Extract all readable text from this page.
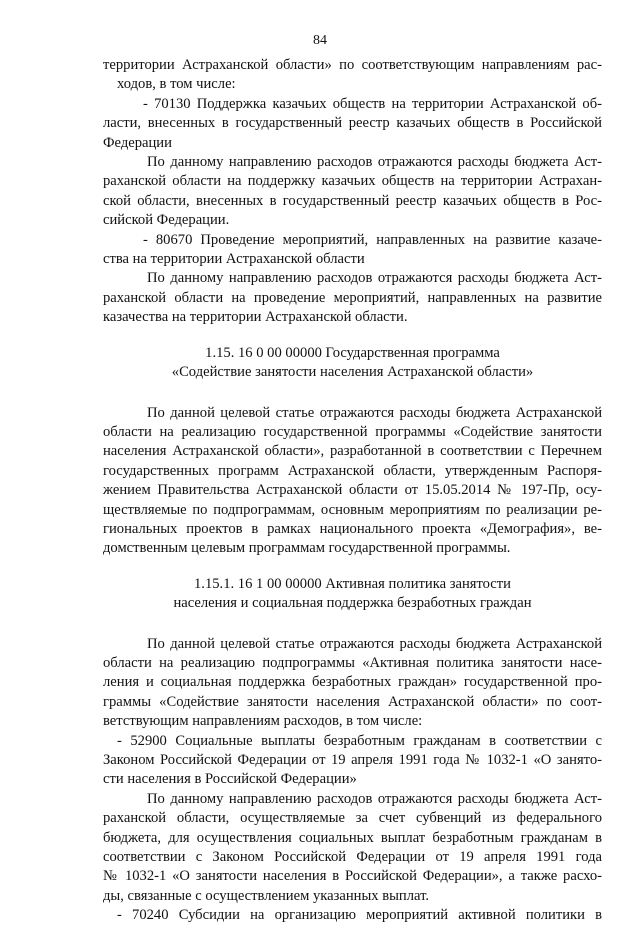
84
территории Астраханской области» по соответствующим направлениям рас-
ходов, в том числе:
- 70130 Поддержка казачьих обществ на территории Астраханской об-
ласти, внесенных в государственный реестр казачьих обществ в Российской
Федерации
По данному направлению расходов отражаются расходы бюджета Аст-
раханской области на поддержку казачьих обществ на территории Астрахан-
ской области, внесенных в государственный реестр казачьих обществ в Рос-
сийской Федерации.
- 80670 Проведение мероприятий, направленных на развитие казаче-
ства на территории Астраханской области
По данному направлению расходов отражаются расходы бюджета Аст-
раханской области на проведение мероприятий, направленных на развитие
казачества на территории Астраханской области.
1.15. 16 0 00 00000 Государственная программа
«Содействие занятости населения Астраханской области»
По данной целевой статье отражаются расходы бюджета Астраханской
области на реализацию государственной программы «Содействие занятости
населения Астраханской области», разработанной в соответствии с Перечнем
государственных программ Астраханской области, утвержденным Распоря-
жением Правительства Астраханской области от 15.05.2014 № 197-Пр, осу-
ществляемые по подпрограммам, основным мероприятиям по реализации ре-
гиональных проектов в рамках национального проекта «Демография», ве-
домственным целевым программам государственной программы.
1.15.1. 16 1 00 00000 Активная политика занятости
населения и социальная поддержка безработных граждан
По данной целевой статье отражаются расходы бюджета Астраханской
области на реализацию подпрограммы «Активная политика занятости насе-
ления и социальная поддержка безработных граждан» государственной про-
граммы «Содействие занятости населения Астраханской области» по соот-
ветствующим направлениям расходов, в том числе:
- 52900 Социальные выплаты безработным гражданам в соответствии с
Законом Российской Федерации от 19 апреля 1991 года № 1032-1 «О занято-
сти населения в Российской Федерации»
По данному направлению расходов отражаются расходы бюджета Аст-
раханской области, осуществляемые за счет субвенций из федерального
бюджета, для осуществления социальных выплат безработным гражданам в
соответствии с Законом Российской Федерации от 19 апреля 1991 года
№ 1032-1 «О занятости населения в Российской Федерации», а также расхо-
ды, связанные с осуществлением указанных выплат.
- 70240 Субсидии на организацию мероприятий активной политики в
